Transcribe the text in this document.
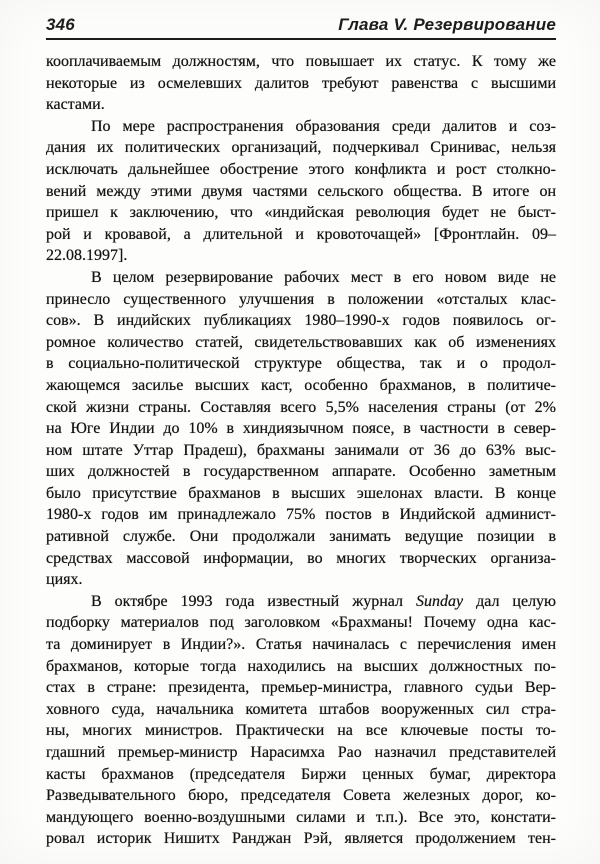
346	Глава V. Резервирование
кооплачиваемым должностям, что повышает их статус. К тому же
некоторые из осмелевших далитов требуют равенства с высшими
кастами.
По мере распространения образования среди далитов и соз-
дания их политических организаций, подчеркивал Сринивас, нельзя
исключать дальнейшее обострение этого конфликта и рост столкно-
вений между этими двумя частями сельского общества. В итоге он
пришел к заключению, что «индийская революция будет не быст-
рой и кровавой, а длительной и кровоточащей» [Фронтлайн. 09–
22.08.1997].
В целом резервирование рабочих мест в его новом виде не
принесло существенного улучшения в положении «отсталых клас-
сов». В индийских публикациях 1980–1990-х годов появилось ог-
ромное количество статей, свидетельствовавших как об изменениях
в социально-политической структуре общества, так и о продол-
жающемся засилье высших каст, особенно брахманов, в политиче-
ской жизни страны. Составляя всего 5,5% населения страны (от 2%
на Юге Индии до 10% в хиндиязычном поясе, в частности в север-
ном штате Уттар Прадеш), брахманы занимали от 36 до 63% выс-
ших должностей в государственном аппарате. Особенно заметным
было присутствие брахманов в высших эшелонах власти. В конце
1980-х годов им принадлежало 75% постов в Индийской админист-
ративной службе. Они продолжали занимать ведущие позиции в
средствах массовой информации, во многих творческих организа-
циях.
В октябре 1993 года известный журнал Sunday дал целую
подборку материалов под заголовком «Брахманы! Почему одна кас-
та доминирует в Индии?». Статья начиналась с перечисления имен
брахманов, которые тогда находились на высших должностных по-
стах в стране: президента, премьер-министра, главного судьи Вер-
ховного суда, начальника комитета штабов вооруженных сил стра-
ны, многих министров. Практически на все ключевые посты то-
гдашний премьер-министр Нарасимха Рао назначил представителей
касты брахманов (председателя Биржи ценных бумаг, директора
Разведывательного бюро, председателя Совета железных дорог, ко-
мандующего военно-воздушными силами и т.п.). Все это, констати-
ровал историк Нишитх Ранджан Рэй, является продолжением тен-
